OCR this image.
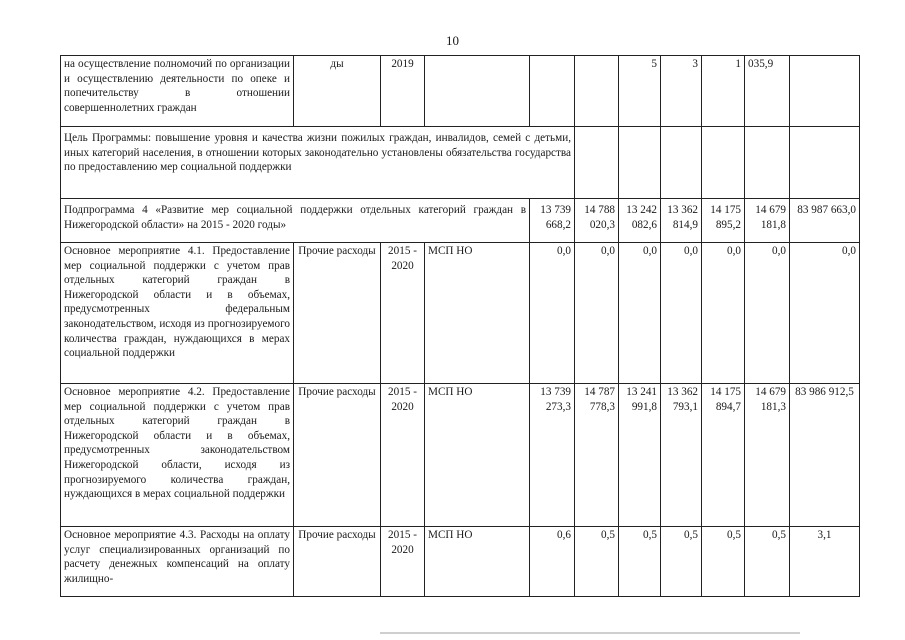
10
на осуществление полномочий по организации и осуществлению деятельности по опеке и попечительству в отношении совершеннолетних граждан	ды	2019				5	3	1	035,9	
Цель Программы: повышение уровня и качества жизни пожилых граждан, инвалидов, семей с детьми, иных категорий населения, в отношении которых законодательно установлены обязательства государства по предоставлению мер социальной поддержки										
Подпрограмма 4 «Развитие мер социальной поддержки отдельных категорий граждан в Нижегородской области» на 2015 - 2020 годы»				13 739 668,2	14 788 020,3	13 242 082,6	13 362 814,9	14 175 895,2	14 679 181,8	83 987 663,0
Основное мероприятие 4.1. Предоставление мер социальной поддержки с учетом прав отдельных категорий граждан в Нижегородской области и в объемах, предусмотренных федеральным законодательством, исходя из прогнозируемого количества граждан, нуждающихся в мерах социальной поддержки	Прочие расходы	2015 - 2020	МСП НО	0,0	0,0	0,0	0,0	0,0	0,0	0,0
Основное мероприятие 4.2. Предоставление мер социальной поддержки с учетом прав отдельных категорий граждан в Нижегородской области и в объемах, предусмотренных законодательством Нижегородской области, исходя из прогнозируемого количества граждан, нуждающихся в мерах социальной поддержки	Прочие расходы	2015 - 2020	МСП НО	13 739 273,3	14 787 778,3	13 241 991,8	13 362 793,1	14 175 894,7	14 679 181,3	83 986 912,5
Основное мероприятие 4.3. Расходы на оплату услуг специализированных организаций по расчету денежных компенсаций на оплату жилищно-	Прочие расходы	2015 - 2020	МСП НО	0,6	0,5	0,5	0,5	0,5	0,5	3,1
